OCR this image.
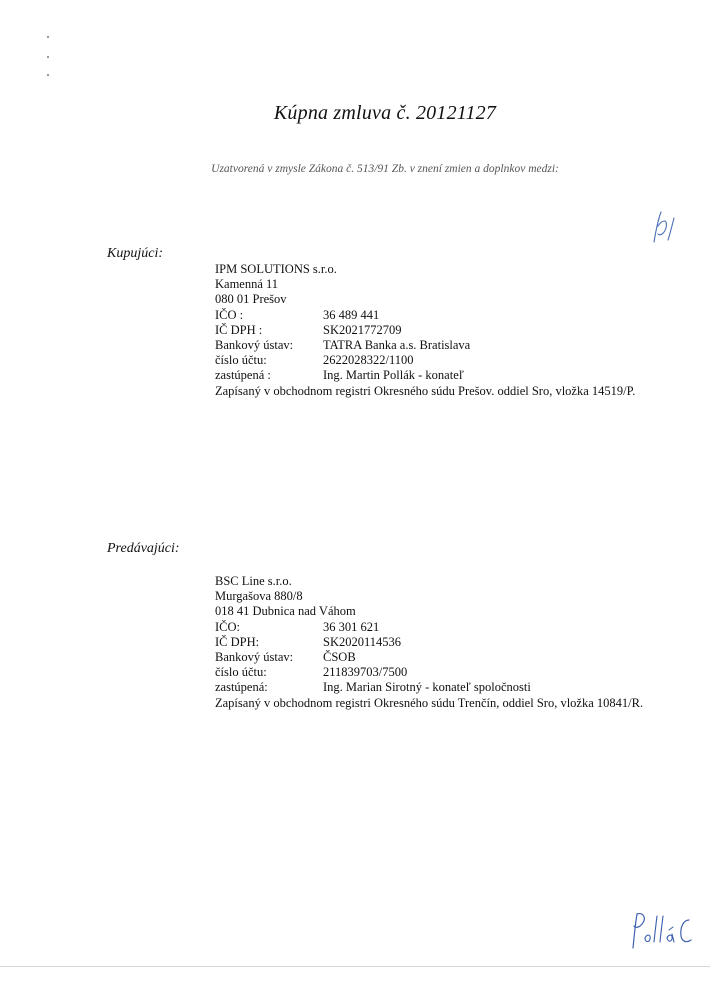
Kúpna zmluva č. 20121127

Uzatvorená v zmysle Zákona č. 513/91 Zb. v znení zmien a doplnkov medzi:

Kupujúci:

IPM SOLUTIONS s.r.o.
Kamenná 11
080 01 Prešov
IČO :	36 489 441
IČ DPH :	SK2021772709
Bankový ústav:	TATRA Banka a.s. Bratislava
číslo účtu:	2622028322/1100
zastúpená :	Ing. Martin Pollák - konateľ
Zapísaný v obchodnom registri Okresného súdu Prešov. oddiel Sro, vložka 14519/P.

Predávajúci:

BSC Line s.r.o.
Murgašova 880/8
018 41 Dubnica nad Váhom
IČO:	36 301 621
IČ DPH:	SK2020114536
Bankový ústav:	ČSOB
číslo účtu:	211839703/7500
zastúpená:	Ing. Marian Sirotný - konateľ spoločnosti
Zapísaný v obchodnom registri Okresného súdu Trenčín, oddiel Sro, vložka 10841/R.
